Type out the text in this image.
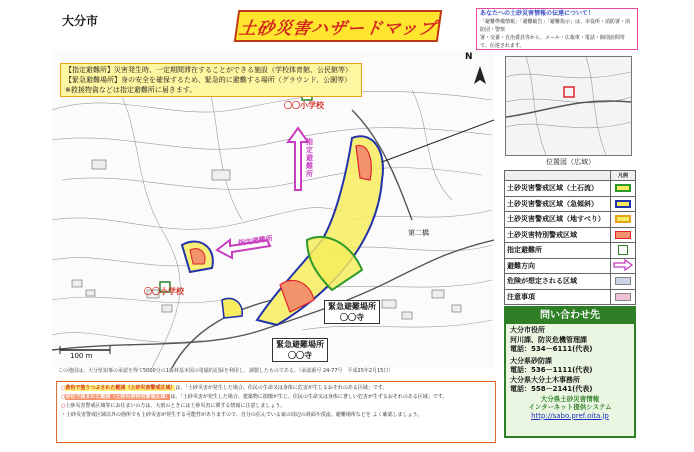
大分市	土砂災害ハザードマップ
あなたへの土砂災害情報の伝達について！
「避難準備情報」「避難勧告」「避難指示」は、市役所・消防署・消防団・警察
署・交番・自治委員等から、メール・広報車・電話・個別訪問等で、伝達されます。
N
100 m
〇〇小学校
〇〇小学校
指定避難所
指定避難所
第二橋
緊急避難場所
〇〇寺
緊急避難場所
〇〇寺
【指定避難所】災害発生時、一定期間滞在することができる施設（学校体育館、公民館等）
【緊急避難場所】身の安全を確保するため、緊急的に避難する場所（グラウンド、公園等）
※救援物資などは指定避難所に届きます。
この地図は、大分県知事の承認を得て5000分の1森林基本図の電磁的記録を利用し、調製したものである。（承認番号 24-77号　平成25年2月15日）
位置図（広域）
	凡例
土砂災害警戒区域（土石流）	

土砂災害警戒区域（急傾斜）	

土砂災害警戒区域（地すべり）	

土砂災害特別警戒区域	

指定避難所	

避難方向	
危険が想定される区域	

注意事項	
問い合わせ先
大分市役所
河川課、防災危機管理課
電話：534－6111(代表)
大分県砂防課
電話：536－1111(代表)
大分県大分土木事務所
電話：558－2141(代表)
大分県土砂災害情報
インターネット提供システム
http://sabo.pref.oita.jp
○黄色で塗りつぶされた範囲（土砂災害警戒区域）は、「土砂災害が発生した場合、住民の生命又は身体に危害が生じるおそれのある区域」です。
○赤色で囲まれた範囲（土砂災害特別警戒区域）は、「土砂災害が発生した場合、建築物に損壊が生じ、住民の生命又は身体に著しい危害が生ずるおそれのある区域」です。
○土砂災害警戒区域等にお住まいの方は、大雨のときには土砂災害に関する情報に注意しましょう。
・土砂災害警戒区域以外の箇所でも土砂災害が発生する可能性がありますので、自分の住んでいる家の周辺の斜面や渓流、避難場所などを よく確認しましょう。
